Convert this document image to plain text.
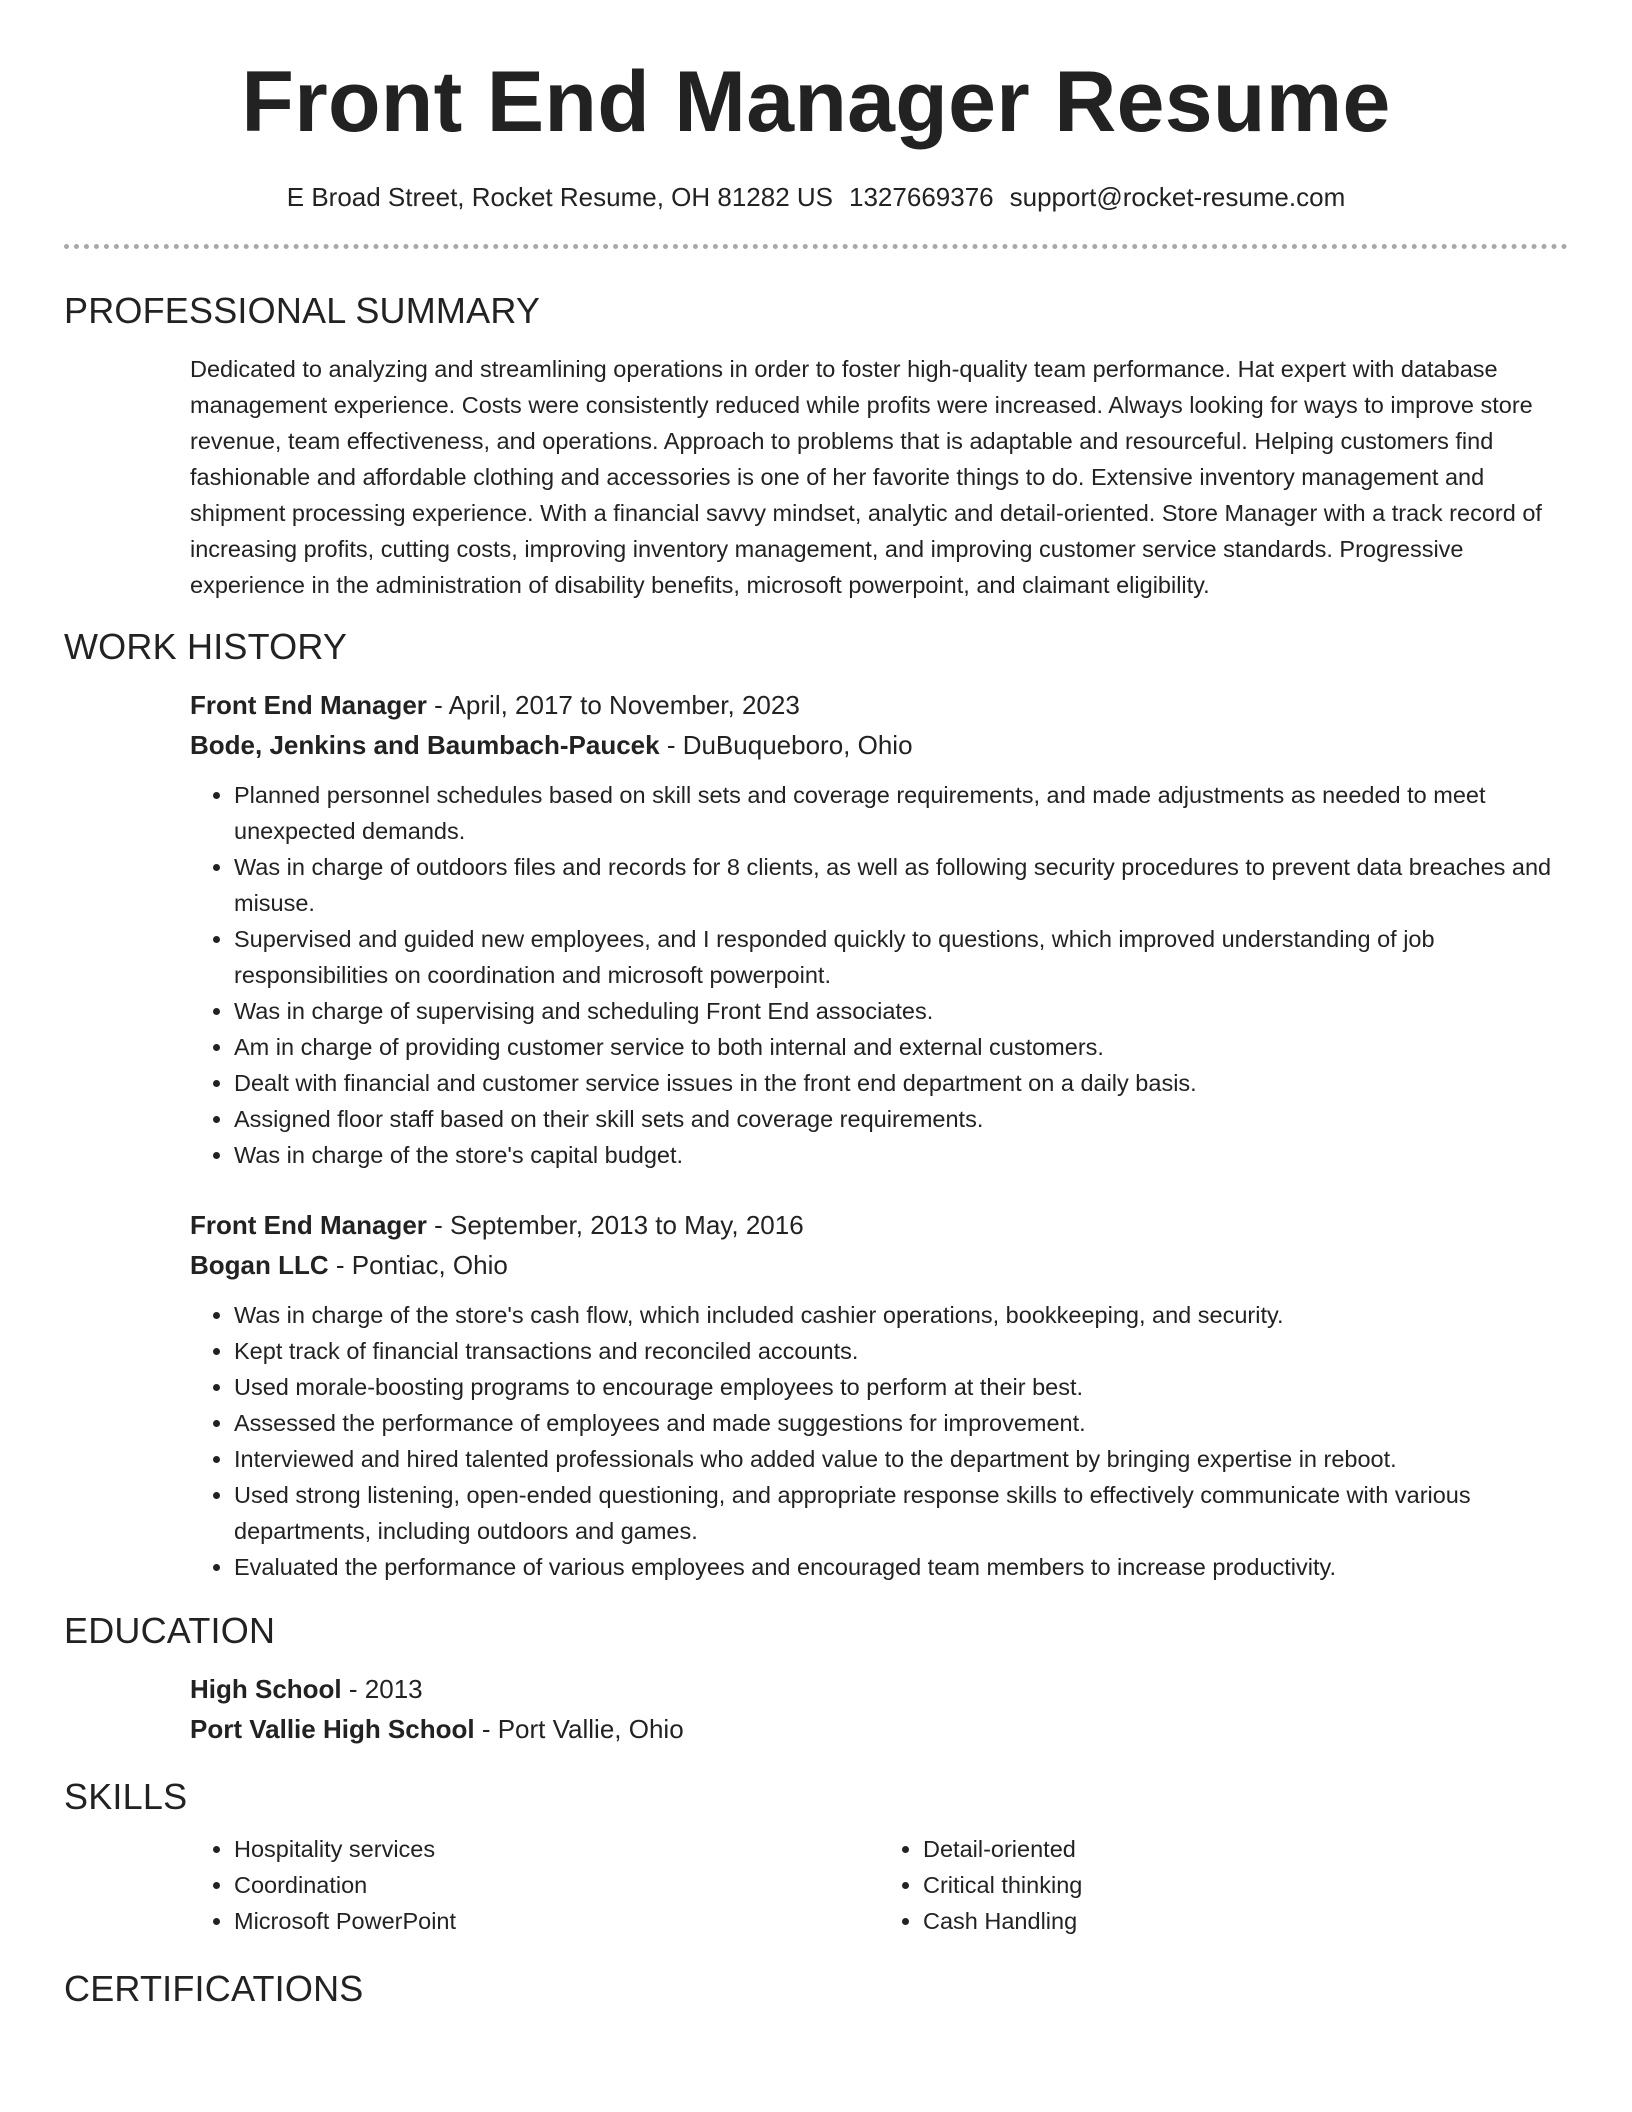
Front End Manager Resume
E Broad Street, Rocket Resume, OH 81282 US 1327669376 support@rocket-resume.com
PROFESSIONAL SUMMARY

Dedicated to analyzing and streamlining operations in order to foster high-quality team performance. Hat expert with database management experience. Costs were consistently reduced while profits were increased. Always looking for ways to improve store revenue, team effectiveness, and operations. Approach to problems that is adaptable and resourceful. Helping customers find fashionable and affordable clothing and accessories is one of her favorite things to do. Extensive inventory management and shipment processing experience. With a financial savvy mindset, analytic and detail-oriented. Store Manager with a track record of increasing profits, cutting costs, improving inventory management, and improving customer service standards. Progressive experience in the administration of disability benefits, microsoft powerpoint, and claimant eligibility.

WORK HISTORY

Front End Manager - April, 2017 to November, 2023

Bode, Jenkins and Baumbach-Paucek - DuBuqueboro, Ohio

• Planned personnel schedules based on skill sets and coverage requirements, and made adjustments as needed to meet unexpected demands.
• Was in charge of outdoors files and records for 8 clients, as well as following security procedures to prevent data breaches and misuse.
• Supervised and guided new employees, and I responded quickly to questions, which improved understanding of job responsibilities on coordination and microsoft powerpoint.
• Was in charge of supervising and scheduling Front End associates.
• Am in charge of providing customer service to both internal and external customers.
• Dealt with financial and customer service issues in the front end department on a daily basis.
• Assigned floor staff based on their skill sets and coverage requirements.
• Was in charge of the store's capital budget.

Front End Manager - September, 2013 to May, 2016

Bogan LLC - Pontiac, Ohio

• Was in charge of the store's cash flow, which included cashier operations, bookkeeping, and security.
• Kept track of financial transactions and reconciled accounts.
• Used morale-boosting programs to encourage employees to perform at their best.
• Assessed the performance of employees and made suggestions for improvement.
• Interviewed and hired talented professionals who added value to the department by bringing expertise in reboot.
• Used strong listening, open-ended questioning, and appropriate response skills to effectively communicate with various departments, including outdoors and games.
• Evaluated the performance of various employees and encouraged team members to increase productivity.
EDUCATION

High School - 2013

Port Vallie High School - Port Vallie, Ohio

SKILLS
• Hospitality services
• Coordination
• Microsoft PowerPoint
• Detail-oriented
• Critical thinking
• Cash Handling
CERTIFICATIONS
